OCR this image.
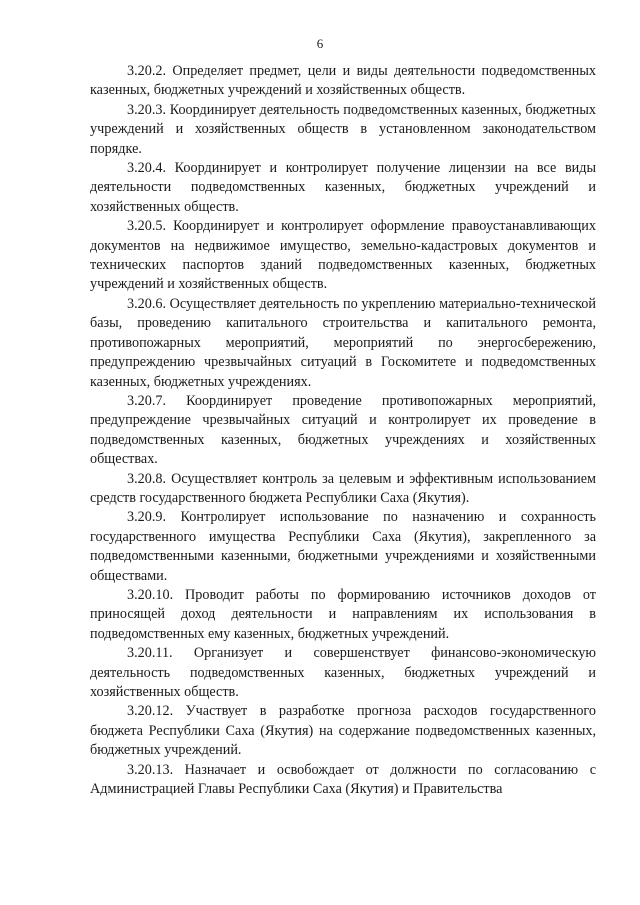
6

3.20.2. Определяет предмет, цели и виды деятельности подведомственных казенных, бюджетных учреждений и хозяйственных обществ.

3.20.3. Координирует деятельность подведомственных казенных, бюджетных учреждений и хозяйственных обществ в установленном законодательством порядке.

3.20.4. Координирует и контролирует получение лицензии на все виды деятельности подведомственных казенных, бюджетных учреждений и хозяйственных обществ.

3.20.5. Координирует и контролирует оформление правоустанавливающих документов на недвижимое имущество, земельно-кадастровых документов и технических паспортов зданий подведомственных казенных, бюджетных учреждений и хозяйственных обществ.

3.20.6. Осуществляет деятельность по укреплению материально-технической базы, проведению капитального строительства и капитального ремонта, противопожарных мероприятий, мероприятий по энергосбережению, предупреждению чрезвычайных ситуаций в Госкомитете и подведомственных казенных, бюджетных учреждениях.

3.20.7. Координирует проведение противопожарных мероприятий, предупреждение чрезвычайных ситуаций и контролирует их проведение в подведомственных казенных, бюджетных учреждениях и хозяйственных обществах.

3.20.8. Осуществляет контроль за целевым и эффективным использованием средств государственного бюджета Республики Саха (Якутия).

3.20.9. Контролирует использование по назначению и сохранность государственного имущества Республики Саха (Якутия), закрепленного за подведомственными казенными, бюджетными учреждениями и хозяйственными обществами.

3.20.10. Проводит работы по формированию источников доходов от приносящей доход деятельности и направлениям их использования в подведомственных ему казенных, бюджетных учреждений.

3.20.11. Организует и совершенствует финансово-экономическую деятельность подведомственных казенных, бюджетных учреждений и хозяйственных обществ.

3.20.12. Участвует в разработке прогноза расходов государственного бюджета Республики Саха (Якутия) на содержание подведомственных казенных, бюджетных учреждений.

3.20.13. Назначает и освобождает от должности по согласованию с Администрацией Главы Республики Саха (Якутия) и Правительства
